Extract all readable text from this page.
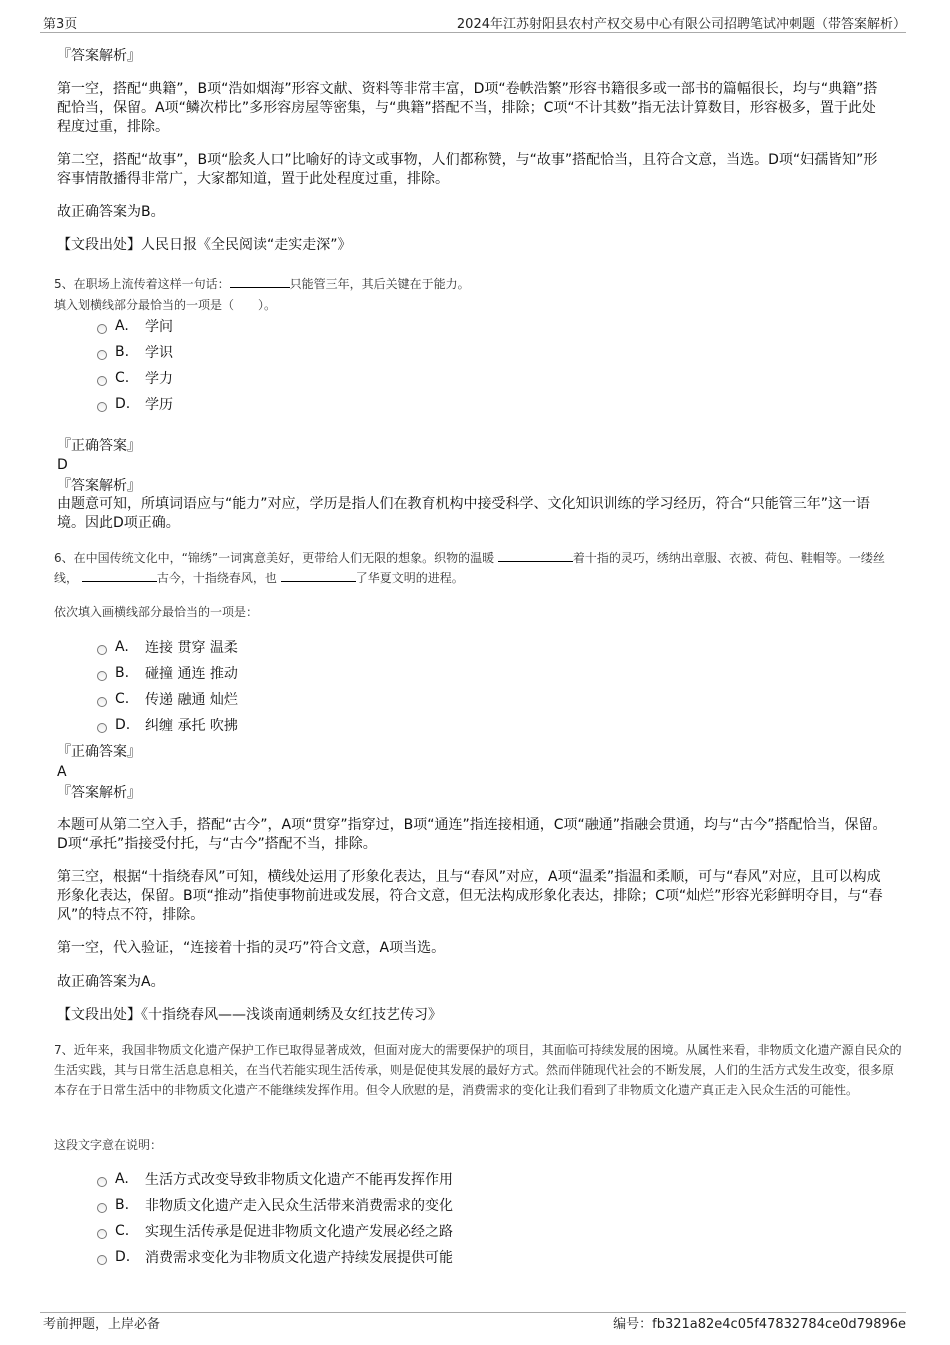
第3页	2024年江苏射阳县农村产权交易中心有限公司招聘笔试冲刺题（带答案解析）
『答案解析』
第一空，搭配“典籍”，B项“浩如烟海”形容文献、资料等非常丰富，D项“卷帙浩繁”形容书籍很多或一部书的篇幅很长，均与“典籍”搭配恰当，保留。A项“鳞次栉比”多形容房屋等密集，与“典籍”搭配不当，排除；C项“不计其数”指无法计算数目，形容极多，置于此处程度过重，排除。
第二空，搭配“故事”，B项“脍炙人口”比喻好的诗文或事物，人们都称赞，与“故事”搭配恰当，且符合文意，当选。D项“妇孺皆知”形容事情散播得非常广，大家都知道，置于此处程度过重，排除。
故正确答案为B。
【文段出处】人民日报《全民阅读“走实走深”》
5、在职场上流传着这样一句话：	只能管三年，其后关键在于能力。
填入划横线部分最恰当的一项是（　　）。
A.	学问
B.	学识
C.	学力
D.	学历
『正确答案』
D
『答案解析』
由题意可知，所填词语应与“能力”对应，学历是指人们在教育机构中接受科学、文化知识训练的学习经历，符合“只能管三年”这一语境。因此D项正确。
6、在中国传统文化中，“锦绣”一词寓意美好，更带给人们无限的想象。织物的温暖	着十指的灵巧，绣纳出章服、衣被、荷包、鞋帽等。一缕丝线，	古今，十指绕春风，也	了华夏文明的进程。
依次填入画横线部分最恰当的一项是：
A.	连接 贯穿 温柔
B.	碰撞 通连 推动
C.	传递 融通 灿烂
D.	纠缠 承托 吹拂
『正确答案』
A
『答案解析』
本题可从第二空入手，搭配“古今”，A项“贯穿”指穿过，B项“通连”指连接相通，C项“融通”指融会贯通，均与“古今”搭配恰当，保留。D项“承托”指接受付托，与“古今”搭配不当，排除。
第三空，根据“十指绕春风”可知，横线处运用了形象化表达，且与“春风”对应，A项“温柔”指温和柔顺，可与“春风”对应，且可以构成形象化表达，保留。B项“推动”指使事物前进或发展，符合文意，但无法构成形象化表达，排除；C项“灿烂”形容光彩鲜明夺目，与“春风”的特点不符，排除。
第一空，代入验证，“连接着十指的灵巧”符合文意，A项当选。
故正确答案为A。
【文段出处】《十指绕春风——浅谈南通刺绣及女红技艺传习》
7、近年来，我国非物质文化遗产保护工作已取得显著成效，但面对庞大的需要保护的项目，其面临可持续发展的困境。从属性来看，非物质文化遗产源自民众的生活实践，其与日常生活息息相关，在当代若能实现生活传承，则是促使其发展的最好方式。然而伴随现代社会的不断发展，人们的生活方式发生改变，很多原本存在于日常生活中的非物质文化遗产不能继续发挥作用。但令人欣慰的是，消费需求的变化让我们看到了非物质文化遗产真正走入民众生活的可能性。
这段文字意在说明：
A.	生活方式改变导致非物质文化遗产不能再发挥作用
B.	非物质文化遗产走入民众生活带来消费需求的变化
C.	实现生活传承是促进非物质文化遗产发展必经之路
D.	消费需求变化为非物质文化遗产持续发展提供可能
考前押题，上岸必备	编号：fb321a82e4c05f47832784ce0d79896e
